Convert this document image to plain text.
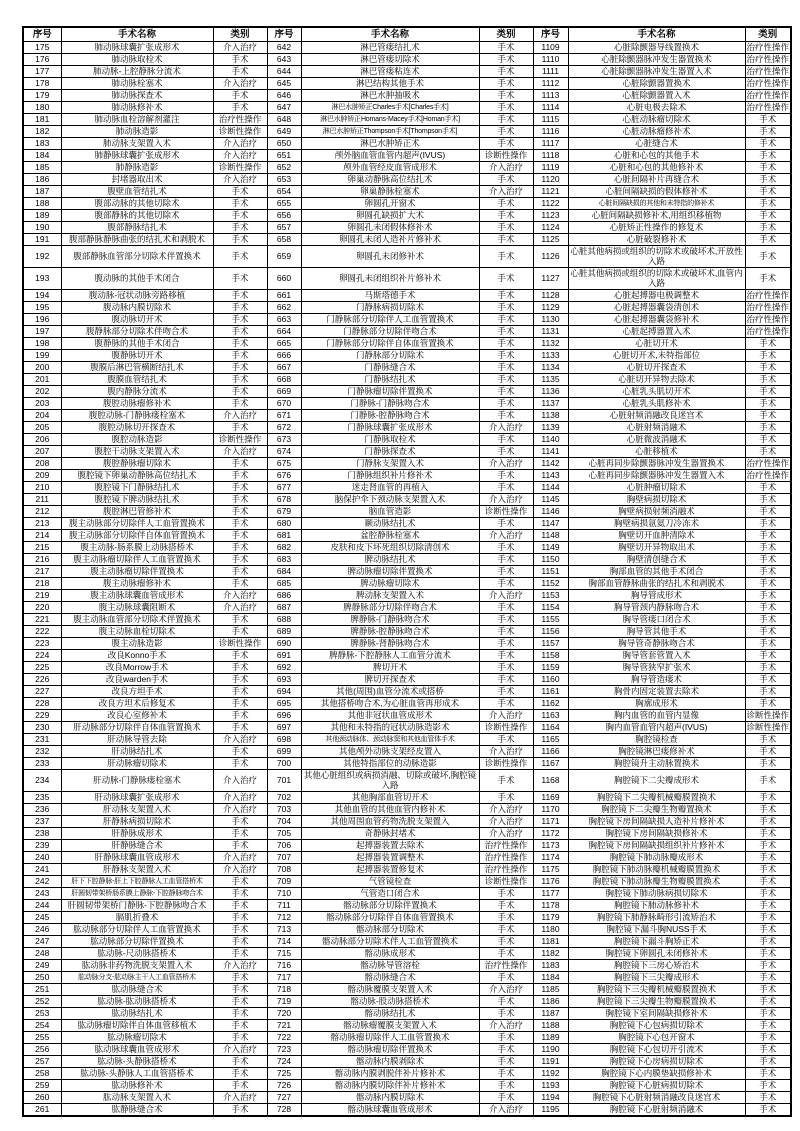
序号	手术名称	类别	序号	手术名称	类别	序号	手术名称	类别
175	肺动脉球囊扩张成形术	介入治疗	642	淋巴管瘘结扎术	手术	1109	心脏除颤器导线置换术	治疗性操作
176	肺动脉取栓术	手术	643	淋巴管瘘切除术	手术	1110	心脏除颤器脉冲发生器置换术	治疗性操作
177	肺动脉-上腔静脉分流术	手术	644	淋巴管瘘粘连术	手术	1111	心脏除颤器脉冲发生器置入术	治疗性操作
178	肺动脉栓塞术	介入治疗	645	淋巴结构其他手术	手术	1112	心脏除颤器置换术	治疗性操作
179	肺动脉探查术	手术	646	淋巴水肿抽吸术	手术	1113	心脏除颤器置入术	治疗性操作
180	肺动脉修补术	手术	647	淋巴水肿矫正Charles手术[Charles手术]	手术	1114	心脏电极去除术	治疗性操作
181	肺动脉血栓溶解剂灌注	治疗性操作	648	淋巴水肿矫正Homans-Macey手术[Homan手术]	手术	1115	心脏动脉瘤切除术	手术
182	肺动脉造影	诊断性操作	649	淋巴水肿矫正Thompson手术[Thompson手术]	手术	1116	心脏动脉瘤修补术	手术
183	肺动脉支架置入术	介入治疗	650	淋巴水肿矫正术	手术	1117	心脏缝合术	手术
184	肺静脉球囊扩张成形术	介入治疗	651	颅外脑血管血管内超声(IVUS)	诊断性操作	1118	心脏和心包的其他手术	手术
185	肺静脉造影	诊断性操作	652	颅外血管经皮血管成形术	介入治疗	1119	心脏和心包的其他修补术	手术
186	封堵器取出术	介入治疗	653	卵巢动静脉高位结扎术	手术	1120	心脏间隔补片再缝合术	手术
187	腹壁血管结扎术	手术	654	卵巢静脉栓塞术	介入治疗	1121	心脏间隔缺损的假体修补术	手术
188	腹部动脉的其他切除术	手术	655	卵圆孔开窗术	手术	1122	心脏间隔缺损的其他和未特指的修补术	手术
189	腹部静脉的其他切除术	手术	656	卵圆孔缺损扩大术	手术	1123	心脏间隔缺损修补术,用组织移植物	手术
190	腹部静脉结扎术	手术	657	卵圆孔未闭假体修补术	手术	1124	心脏矫正性操作的修复术	手术
191	腹部静脉静脉曲张的结扎术和剥脱术	手术	658	卵圆孔未闭人造补片修补术	手术	1125	心脏破裂修补术	手术
192	腹部静脉血管部分切除术伴置换术	手术	659	卵圆孔未闭修补术	手术	1126	心脏其他病损或组织的切除术或破坏术,开放性入路	手术
193	腹动脉的其他手术闭合	手术	660	卵圆孔未闭组织补片修补术	手术	1127	心脏其他病损或组织的切除术或破坏术,血管内入路	手术
194	腹动脉-冠状动脉旁路移植	手术	661	马斯塔德手术	手术	1128	心脏起搏器电极调整术	治疗性操作
195	腹动脉内膜切除术	手术	662	门静脉病损切除术	手术	1129	心脏起搏器囊袋清创术	治疗性操作
196	腹动脉切开术	手术	663	门静脉部分切除伴人工血管置换术	手术	1130	心脏起搏器囊袋修补术	治疗性操作
197	腹静脉部分切除术伴吻合术	手术	664	门静脉部分切除伴吻合术	手术	1131	心脏起搏器置入术	治疗性操作
198	腹静脉的其他手术闭合	手术	665	门静脉部分切除伴自体血管置换术	手术	1132	心脏切开术	手术
199	腹静脉切开术	手术	666	门静脉部分切除术	手术	1133	心脏切开术,未特指部位	手术
200	腹膜后淋巴管横断结扎术	手术	667	门静脉缝合术	手术	1134	心脏切开探查术	手术
201	腹膜血管结扎术	手术	668	门静脉结扎术	手术	1135	心脏切开异物去除术	手术
202	腹内静脉分流术	手术	669	门静脉瘤切除伴置换术	手术	1136	心脏乳头肌切开术	手术
203	腹腔动脉瘤修补术	手术	670	门静脉-门静脉吻合术	手术	1137	心脏乳头肌修补术	手术
204	腹腔动脉-门静脉瘘栓塞术	介入治疗	671	门静脉-腔静脉吻合术	手术	1138	心脏射频消融改良迷宫术	手术
205	腹腔动脉切开探查术	手术	672	门静脉球囊扩张成形术	介入治疗	1139	心脏射频消融术	手术
206	腹腔动脉造影	诊断性操作	673	门静脉取栓术	手术	1140	心脏微波消融术	手术
207	腹腔干动脉支架置入术	介入治疗	674	门静脉探查术	手术	1141	心脏移植术	手术
208	腹腔静脉瘤切除术	手术	675	门静脉支架置入术	介入治疗	1142	心脏再同步除颤器脉冲发生器置换术	治疗性操作
209	腹腔镜下卵巢动静脉高位结扎术	手术	676	门静脉组织补片修补术	手术	1143	心脏再同步除颤器脉冲发生器置入术	治疗性操作
210	腹腔镜下门静脉结扎术	手术	677	迷走肾血管的再植入	手术	1144	心脏肿瘤切除术	手术
211	腹腔镜下脾动脉结扎术	手术	678	脑保护伞下颈动脉支架置入术	介入治疗	1145	胸壁病损切除术	手术
212	腹腔淋巴管修补术	手术	679	脑血管造影	诊断性操作	1146	胸壁病损射频消融术	手术
213	腹主动脉部分切除伴人工血管置换术	手术	680	颞动脉结扎术	手术	1147	胸壁病损氩氦刀冷冻术	手术
214	腹主动脉部分切除伴自体血管置换术	手术	681	盆腔静脉栓塞术	介入治疗	1148	胸壁切开血肿清除术	手术
215	腹主动脉-肠系膜上动脉搭桥术	手术	682	皮肤和皮下坏死组织切除清创术	手术	1149	胸壁切开异物取出术	手术
216	腹主动脉瘤切除伴人工血管置换术	手术	683	脾动脉结扎术	手术	1150	胸壁清创缝合术	手术
217	腹主动脉瘤切除伴置换术	手术	684	脾动脉瘤切除伴置换术	手术	1151	胸部血管的其他手术闭合	手术
218	腹主动脉瘤修补术	手术	685	脾动脉瘤切除术	手术	1152	胸部血管静脉曲张的结扎术和剥脱术	手术
219	腹主动脉球囊血管成形术	介入治疗	686	脾动脉支架置入术	介入治疗	1153	胸导管成形术	手术
220	腹主动脉球囊阻断术	介入治疗	687	脾静脉部分切除伴吻合术	手术	1154	胸导管颈内静脉吻合术	手术
221	腹主动脉血管部分切除术伴置换术	手术	688	脾静脉-门静脉吻合术	手术	1155	胸导管瘘口闭合术	手术
222	腹主动脉血栓切除术	手术	689	脾静脉-腔静脉吻合术	手术	1156	胸导管其他手术	手术
223	腹主动脉造影	诊断性操作	690	脾静脉-肾静脉吻合术	手术	1157	胸导管奇静脉吻合术	手术
224	改良Konno手术	手术	691	脾静脉-下腔静脉人工血管分流术	手术	1158	胸导管套管置入术	手术
225	改良Morrow手术	手术	692	脾切开术	手术	1159	胸导管狭窄扩张术	手术
226	改良warden手术	手术	693	脾切开探查术	手术	1160	胸导管造瘘术	手术
227	改良方坦手术	手术	694	其他(周围)血管分流术或搭桥	手术	1161	胸骨内固定装置去除术	手术
228	改良方坦术后修复术	手术	695	其他搭桥吻合术,为心脏血管再形成术	手术	1162	胸廓成形术	手术
229	改良心室修补术	手术	696	其他非冠状血管成形术	介入治疗	1163	胸内血管的血管内显像	诊断性操作
230	肝动脉部分切除伴自体血管置换术	手术	697	其他和未特指的冠状动脉造影术	诊断性操作	1164	胸内血管血管内超声(IVUS)	诊断性操作
231	肝动脉导管去除	介入治疗	698	其他颈动脉体、颈动脉窦和其他血管体手术	手术	1165	胸腔镜检查	手术
232	肝动脉结扎术	手术	699	其他颅外动脉支架经皮置入	介入治疗	1166	胸腔镜淋巴瘘修补术	手术
233	肝动脉瘤切除术	手术	700	其他特指部位的动脉造影	诊断性操作	1167	胸腔镜升主动脉置换术	手术
234	肝动脉-门静脉瘘栓塞术	介入治疗	701	其他心脏组织或病损消融、切除或破坏,胸腔镜入路	手术	1168	胸腔镜下二尖瓣成形术	手术
235	肝动脉球囊扩张成形术	介入治疗	702	其他胸部血管切开术	手术	1169	胸腔镜下二尖瓣机械瓣膜置换术	手术
236	肝动脉支架置入术	介入治疗	703	其他血管的其他血管内修补术	介入治疗	1170	胸腔镜下二尖瓣生物瓣置换术	手术
237	肝静脉病损切除术	手术	704	其他周围血管药物洗脱支架置入	介入治疗	1171	胸腔镜下房间隔缺损人造补片修补术	手术
238	肝静脉成形术	手术	705	奇静脉封堵术	介入治疗	1172	胸腔镜下房间隔缺损修补术	手术
239	肝静脉缝合术	手术	706	起搏器装置去除术	治疗性操作	1173	胸腔镜下房间隔缺损组织补片修补术	手术
240	肝静脉球囊血管成形术	介入治疗	707	起搏器装置调整术	治疗性操作	1174	胸腔镜下肺动脉瓣成形术	手术
241	肝静脉支架置入术	介入治疗	708	起搏器装置修复术	治疗性操作	1175	胸腔镜下肺动脉瓣机械瓣膜置换术	手术
242	肝下下腔静脉-肝上下腔静脉人工血管搭桥术	手术	709	气管镜检查	诊断性操作	1176	胸腔镜下肺动脉瓣生物瓣膜置换术	手术
243	肝圆韧带架桥肠系膜上静脉-下腔静脉吻合术	手术	710	气管造口闭合术	手术	1177	胸腔镜下肺动脉病损切除术	手术
244	肝圆韧带架桥门静脉-下腔静脉吻合术	手术	711	髂动脉部分切除伴置换术	手术	1178	胸腔镜下肺动脉修补术	手术
245	膈肌折叠术	手术	712	髂动脉部分切除伴自体血管置换术	手术	1179	胸腔镜下肺静脉畸形引流矫治术	手术
246	肱动脉部分切除伴人工血管置换术	手术	713	髂动脉部分切除术	手术	1180	胸腔镜下漏斗胸NUSS手术	手术
247	肱动脉部分切除伴置换术	手术	714	髂动脉部分切除术伴人工血管置换术	手术	1181	胸腔镜下漏斗胸矫正术	手术
248	肱动脉-尺动脉搭桥术	手术	715	髂动脉成形术	手术	1182	胸腔镜下卵圆孔未闭修补术	手术
249	肱动脉非药物洗脱支架置入术	介入治疗	716	髂动脉导管溶栓	治疗性操作	1183	胸腔镜下三房心矫治术	手术
250	肱动脉分支-肱动脉主干人工血管搭桥术	手术	717	髂动脉缝合术	手术	1184	胸腔镜下三尖瓣成形术	手术
251	肱动脉缝合术	手术	718	髂动脉覆膜支架置入术	介入治疗	1185	胸腔镜下三尖瓣机械瓣膜置换术	手术
252	肱动脉-肱动脉搭桥术	手术	719	髂动脉-股动脉搭桥术	手术	1186	胸腔镜下三尖瓣生物瓣膜置换术	手术
253	肱动脉结扎术	手术	720	髂动脉结扎术	手术	1187	胸腔镜下室间隔缺损修补术	手术
254	肱动脉瘤切除伴自体血管移植术	手术	721	髂动脉瘤覆膜支架置入术	介入治疗	1188	胸腔镜下心包病损切除术	手术
255	肱动脉瘤切除术	手术	722	髂动脉瘤切除伴人工血管置换术	手术	1189	胸腔镜下心包开窗术	手术
256	肱动脉球囊血管成形术	介入治疗	723	髂动脉瘤切除伴置换术	手术	1190	胸腔镜下心包切开引流术	手术
257	肱动脉-头静脉搭桥术	手术	724	髂动脉内膜剥除术	手术	1191	胸腔镜下心房病损切除术	手术
258	肱动脉-头静脉人工血管搭桥术	手术	725	髂动脉内膜剥脱伴补片修补术	手术	1192	胸腔镜下心内膜垫缺损修补术	手术
259	肱动脉修补术	手术	726	髂动脉内膜切除伴补片修补术	手术	1193	胸腔镜下心脏病损切除术	手术
260	肱动脉支架置入术	介入治疗	727	髂动脉内膜切除术	手术	1194	胸腔镜下心脏射频消融改良迷宫术	手术
261	肱静脉缝合术	手术	728	髂动脉球囊血管成形术	介入治疗	1195	胸腔镜下心脏射频消融术	手术
